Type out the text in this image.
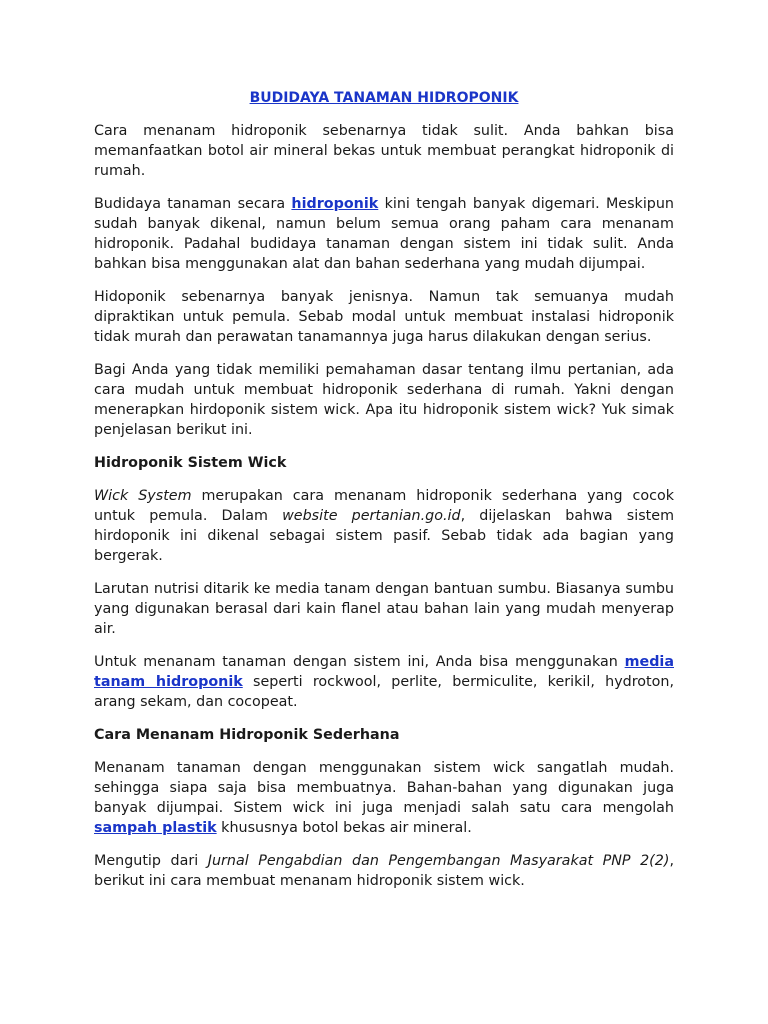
BUDIDAYA TANAMAN HIDROPONIK

Cara menanam hidroponik sebenarnya tidak sulit. Anda bahkan bisa memanfaatkan botol air mineral bekas untuk membuat perangkat hidroponik di rumah.

Budidaya tanaman secara hidroponik kini tengah banyak digemari. Meskipun sudah banyak dikenal, namun belum semua orang paham cara menanam hidroponik. Padahal budidaya tanaman dengan sistem ini tidak sulit. Anda bahkan bisa menggunakan alat dan bahan sederhana yang mudah dijumpai.

Hidoponik sebenarnya banyak jenisnya. Namun tak semuanya mudah dipraktikan untuk pemula. Sebab modal untuk membuat instalasi hidroponik tidak murah dan perawatan tanamannya juga harus dilakukan dengan serius.

Bagi Anda yang tidak memiliki pemahaman dasar tentang ilmu pertanian, ada cara mudah untuk membuat hidroponik sederhana di rumah. Yakni dengan menerapkan hirdoponik sistem wick. Apa itu hidroponik sistem wick? Yuk simak penjelasan berikut ini.

Hidroponik Sistem Wick

Wick System merupakan cara menanam hidroponik sederhana yang cocok untuk pemula. Dalam website pertanian.go.id, dijelaskan bahwa sistem hirdoponik ini dikenal sebagai sistem pasif. Sebab tidak ada bagian yang bergerak.

Larutan nutrisi ditarik ke media tanam dengan bantuan sumbu. Biasanya sumbu yang digunakan berasal dari kain flanel atau bahan lain yang mudah menyerap air.

Untuk menanam tanaman dengan sistem ini, Anda bisa menggunakan media tanam hidroponik seperti rockwool, perlite, bermiculite, kerikil, hydroton, arang sekam, dan cocopeat.

Cara Menanam Hidroponik Sederhana

Menanam tanaman dengan menggunakan sistem wick sangatlah mudah. sehingga siapa saja bisa membuatnya. Bahan-bahan yang digunakan juga banyak dijumpai. Sistem wick ini juga menjadi salah satu cara mengolah sampah plastik khususnya botol bekas air mineral.

Mengutip dari Jurnal Pengabdian dan Pengembangan Masyarakat PNP 2(2), berikut ini cara membuat menanam hidroponik sistem wick.
